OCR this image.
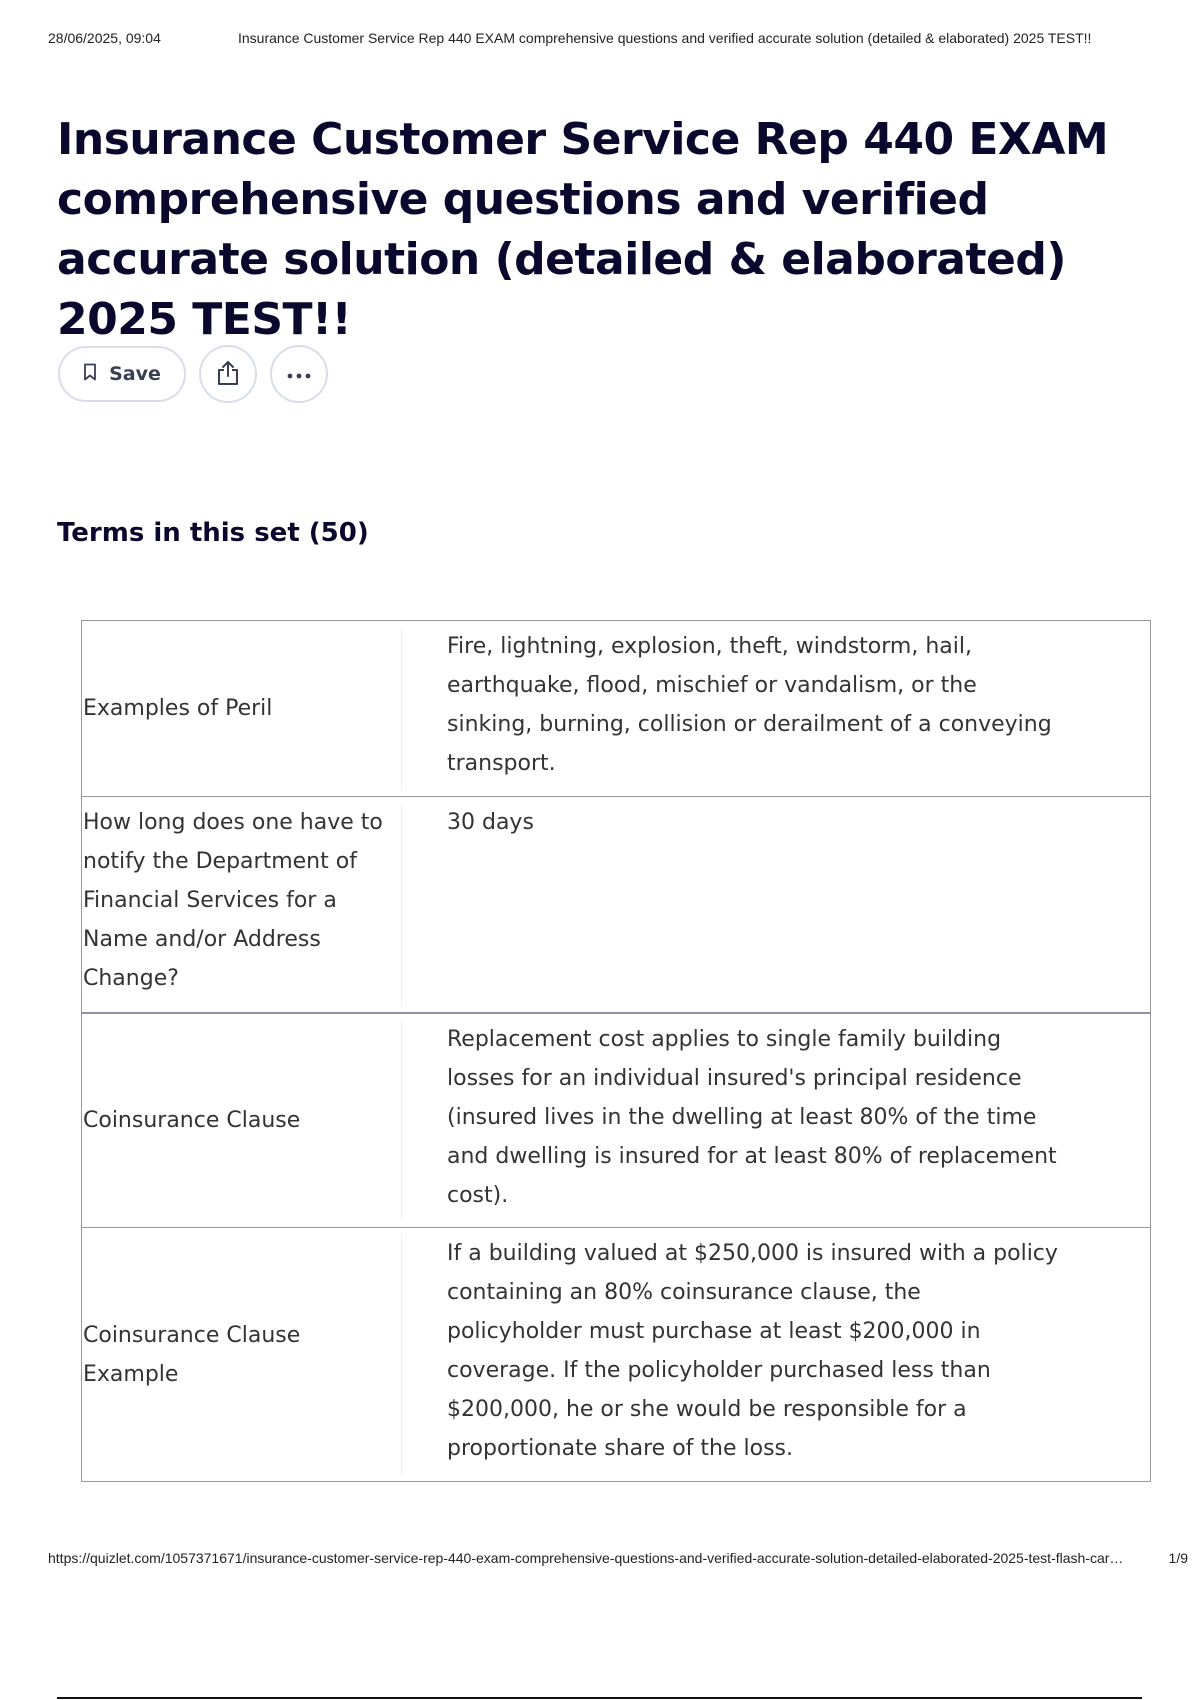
28/06/2025, 09:04	Insurance Customer Service Rep 440 EXAM comprehensive questions and verified accurate solution (detailed & elaborated) 2025 TEST!!
Insurance Customer Service Rep 440 EXAM comprehensive questions and verified accurate solution (detailed & elaborated) 2025 TEST!!
Save
Terms in this set (50)
Examples of Peril
Fire, lightning, explosion, theft, windstorm, hail, earthquake, flood, mischief or vandalism, or the sinking, burning, collision or derailment of a conveying transport.
How long does one have to notify the Department of Financial Services for a Name and/or Address Change?
30 days
Coinsurance Clause
Replacement cost applies to single family building losses for an individual insured's principal residence (insured lives in the dwelling at least 80% of the time and dwelling is insured for at least 80% of replacement cost).
Coinsurance Clause Example
If a building valued at $250,000 is insured with a policy containing an 80% coinsurance clause, the policyholder must purchase at least $200,000 in coverage. If the policyholder purchased less than $200,000, he or she would be responsible for a proportionate share of the loss.
https://quizlet.com/1057371671/insurance-customer-service-rep-440-exam-comprehensive-questions-and-verified-accurate-solution-detailed-elaborated-2025-test-flash-cards/	1/9
